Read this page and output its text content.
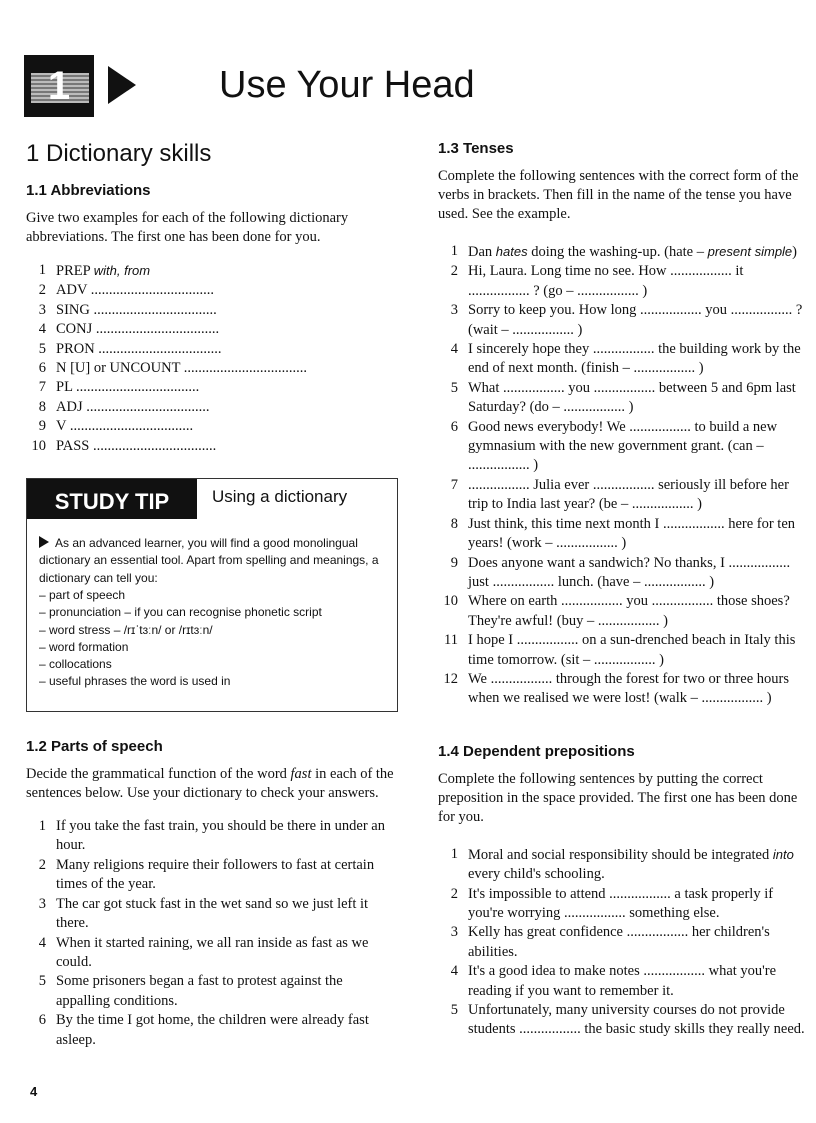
1	Use Your Head
1 Dictionary skills
1.1 Abbreviations

Give two examples for each of the following dictionary abbreviations. The first one has been done for you.

1 PREP with, from
2 ADV ..................................
3 SING ..................................
4 CONJ ..................................
5 PRON ..................................
6 N [U] or UNCOUNT ..................................
7 PL ..................................
8 ADJ ..................................
9 V ..................................
10 PASS ..................................
STUDY TIP	Using a dictionary
As an advanced learner, you will find a good monolingual dictionary an essential tool. Apart from spelling and meanings, a dictionary can tell you:
– part of speech
– pronunciation – if you can recognise phonetic script
– word stress – /rɪˈtɜːn/ or /rɪtɜːn/
– word formation
– collocations
– useful phrases the word is used in
1.2 Parts of speech

Decide the grammatical function of the word fast in each of the sentences below. Use your dictionary to check your answers.

1 If you take the fast train, you should be there in under an hour.
2 Many religions require their followers to fast at certain times of the year.
3 The car got stuck fast in the wet sand so we just left it there.
4 When it started raining, we all ran inside as fast as we could.
5 Some prisoners began a fast to protest against the appalling conditions.
6 By the time I got home, the children were already fast asleep.
1.3 Tenses

Complete the following sentences with the correct form of the verbs in brackets. Then fill in the name of the tense you have used. See the example.

1 Dan hates doing the washing-up. (hate – present simple)
2 Hi, Laura. Long time no see. How ................. it ................. ? (go – ................. )
3 Sorry to keep you. How long ................. you ................. ? (wait – ................. )
4 I sincerely hope they ................. the building work by the end of next month. (finish – ................. )
5 What ................. you ................. between 5 and 6pm last Saturday? (do – ................. )
6 Good news everybody! We ................. to build a new gymnasium with the new government grant. (can – ................. )
7 ................. Julia ever ................. seriously ill before her trip to India last year? (be – ................. )
8 Just think, this time next month I ................. here for ten years! (work – ................. )
9 Does anyone want a sandwich? No thanks, I ................. just ................. lunch. (have – ................. )
10 Where on earth ................. you ................. those shoes? They're awful! (buy – ................. )
11 I hope I ................. on a sun-drenched beach in Italy this time tomorrow. (sit – ................. )
12 We ................. through the forest for two or three hours when we realised we were lost! (walk – ................. )
1.4 Dependent prepositions

Complete the following sentences by putting the correct preposition in the space provided. The first one has been done for you.

1 Moral and social responsibility should be integrated into every child's schooling.
2 It's impossible to attend ................. a task properly if you're worrying ................. something else.
3 Kelly has great confidence ................. her children's abilities.
4 It's a good idea to make notes ................. what you're reading if you want to remember it.
5 Unfortunately, many university courses do not provide students ................. the basic study skills they really need.
4
